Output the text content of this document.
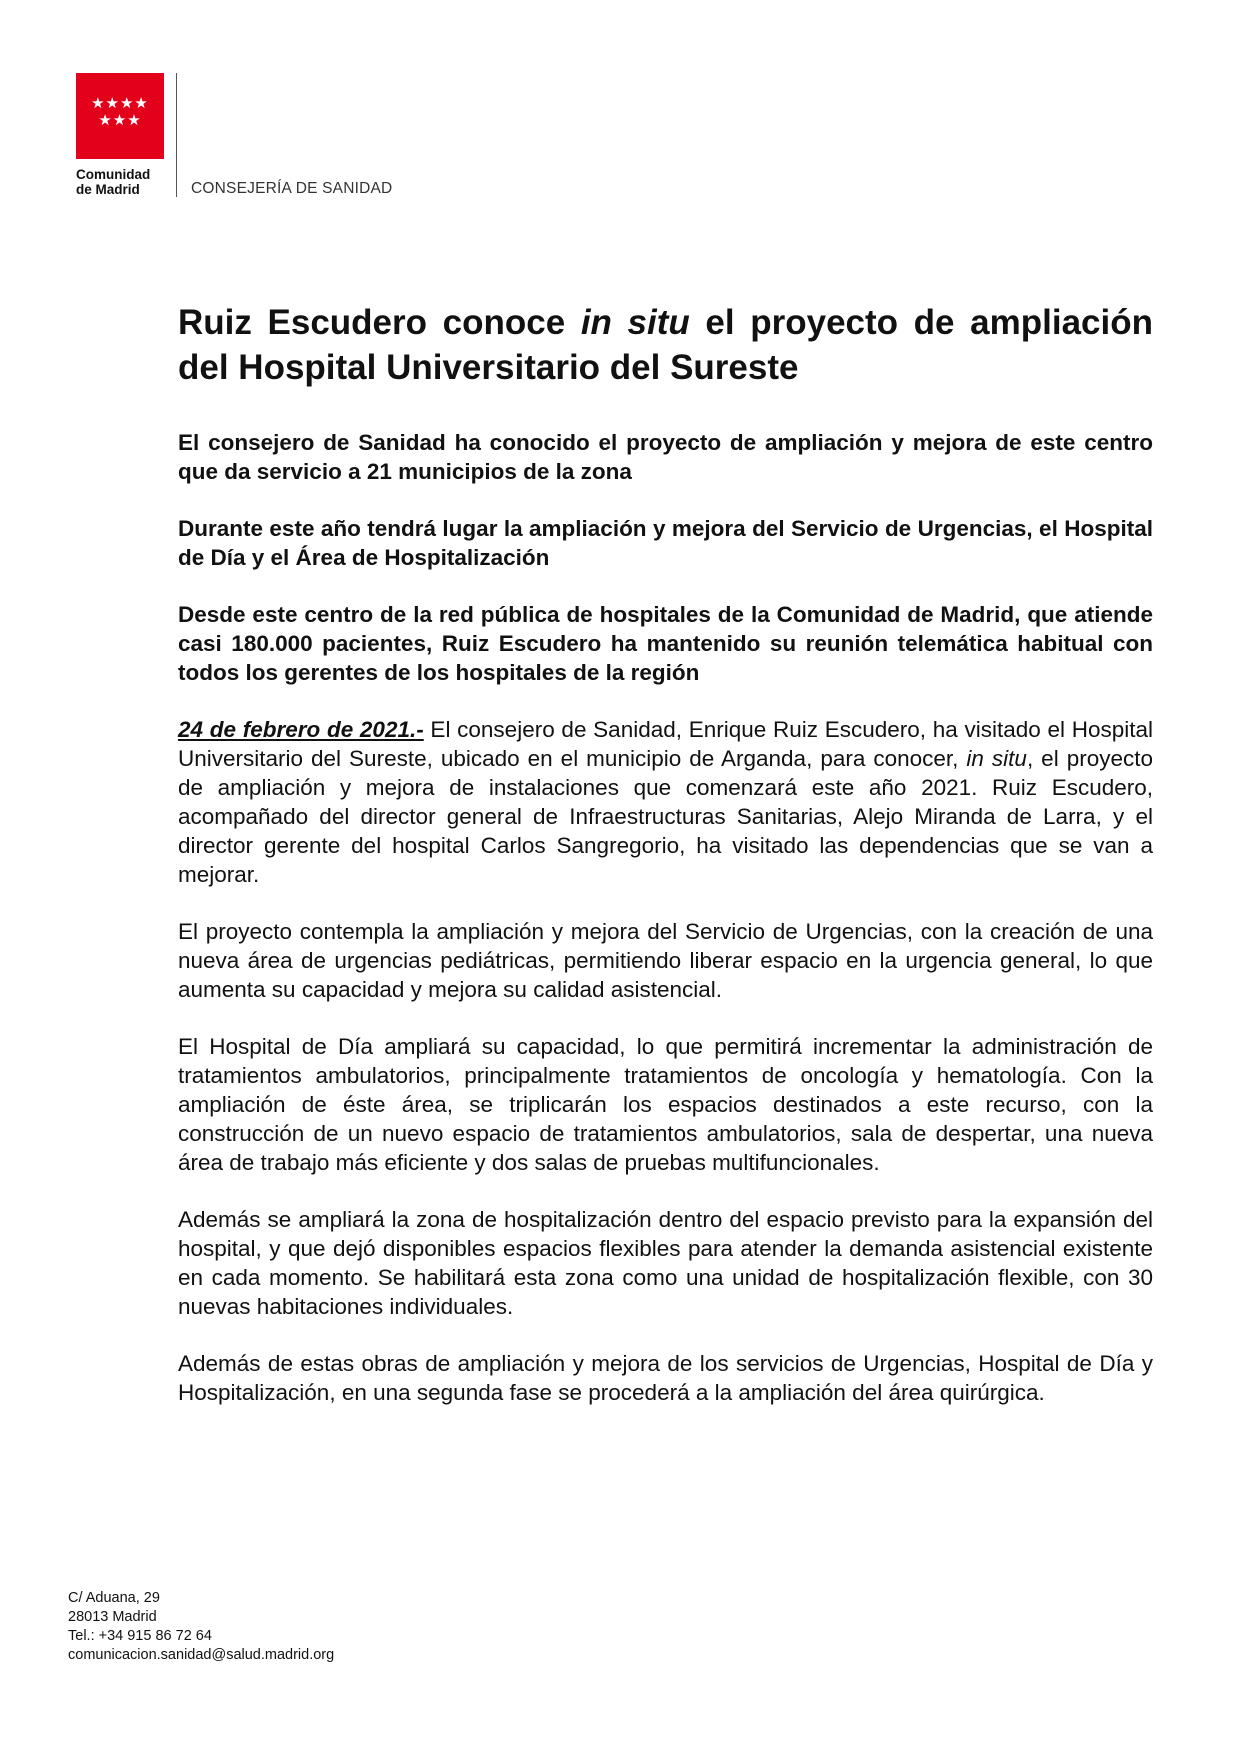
★★★★
★★★
Comunidad
de Madrid	CONSEJERÍA DE SANIDAD
Ruiz Escudero conoce in situ el proyecto de ampliación del Hospital Universitario del Sureste

El consejero de Sanidad ha conocido el proyecto de ampliación y mejora de este centro que da servicio a 21 municipios de la zona

Durante este año tendrá lugar la ampliación y mejora del Servicio de Urgencias, el Hospital de Día y el Área de Hospitalización

Desde este centro de la red pública de hospitales de la Comunidad de Madrid, que atiende casi 180.000 pacientes, Ruiz Escudero ha mantenido su reunión telemática habitual con todos los gerentes de los hospitales de la región

24 de febrero de 2021.- El consejero de Sanidad, Enrique Ruiz Escudero, ha visitado el Hospital Universitario del Sureste, ubicado en el municipio de Arganda, para conocer, in situ, el proyecto de ampliación y mejora de instalaciones que comenzará este año 2021. Ruiz Escudero, acompañado del director general de Infraestructuras Sanitarias, Alejo Miranda de Larra, y el director gerente del hospital Carlos Sangregorio, ha visitado las dependencias que se van a mejorar.

El proyecto contempla la ampliación y mejora del Servicio de Urgencias, con la creación de una nueva área de urgencias pediátricas, permitiendo liberar espacio en la urgencia general, lo que aumenta su capacidad y mejora su calidad asistencial.

El Hospital de Día ampliará su capacidad, lo que permitirá incrementar la administración de tratamientos ambulatorios, principalmente tratamientos de oncología y hematología. Con la ampliación de éste área, se triplicarán los espacios destinados a este recurso, con la construcción de un nuevo espacio de tratamientos ambulatorios, sala de despertar, una nueva área de trabajo más eficiente y dos salas de pruebas multifuncionales.

Además se ampliará la zona de hospitalización dentro del espacio previsto para la expansión del hospital, y que dejó disponibles espacios flexibles para atender la demanda asistencial existente en cada momento. Se habilitará esta zona como una unidad de hospitalización flexible, con 30 nuevas habitaciones individuales.

Además de estas obras de ampliación y mejora de los servicios de Urgencias, Hospital de Día y Hospitalización, en una segunda fase se procederá a la ampliación del área quirúrgica.

C/ Aduana, 29
28013 Madrid
Tel.: +34 915 86 72 64
comunicacion.sanidad@salud.madrid.org
